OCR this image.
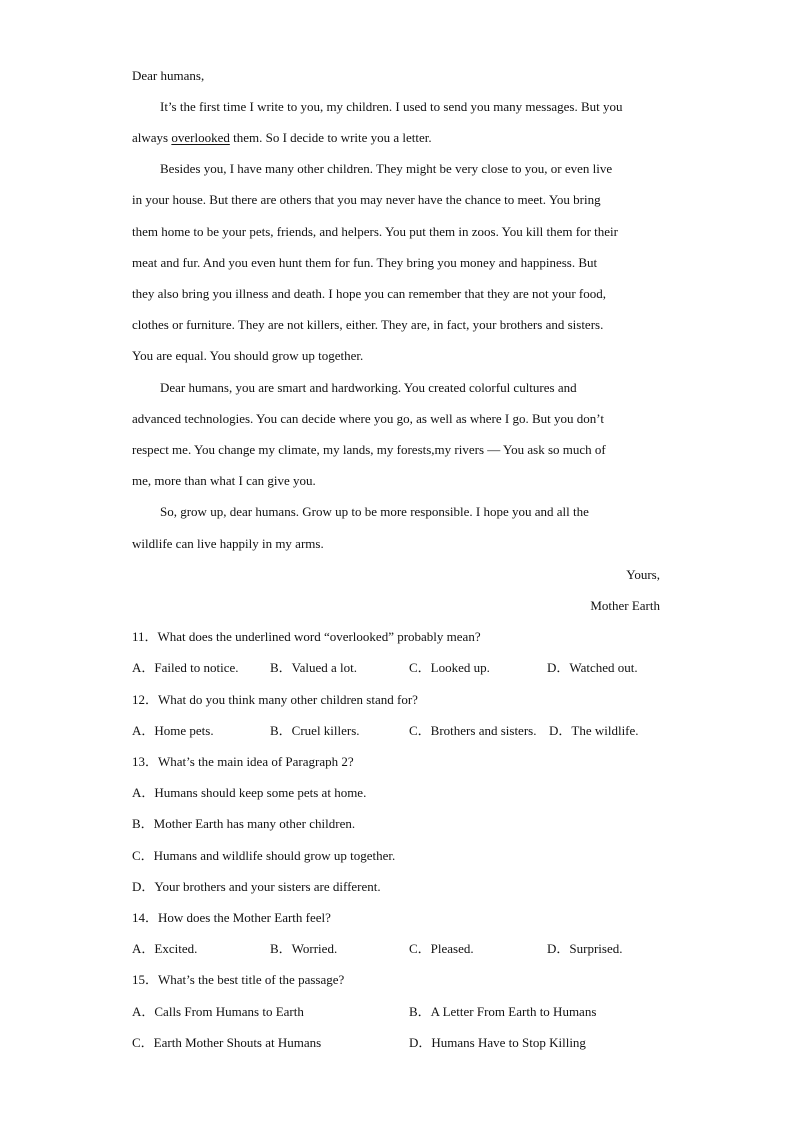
Dear humans,
It’s the first time I write to you, my children. I used to send you many messages. But you
always overlooked them. So I decide to write you a letter.
Besides you, I have many other children. They might be very close to you, or even live
in your house. But there are others that you may never have the chance to meet. You bring
them home to be your pets, friends, and helpers. You put them in zoos. You kill them for their
meat and fur. And you even hunt them for fun. They bring you money and happiness. But
they also bring you illness and death. I hope you can remember that they are not your food,
clothes or furniture. They are not killers, either. They are, in fact, your brothers and sisters.
You are equal. You should grow up together.
Dear humans, you are smart and hardworking. You created colorful cultures and
advanced technologies. You can decide where you go, as well as where I go. But you don’t
respect me. You change my climate, my lands, my forests,my rivers — You ask so much of
me, more than what I can give you.
So, grow up, dear humans. Grow up to be more responsible. I hope you and all the
wildlife can live happily in my arms.
Yours,
Mother Earth
11．What does the underlined word “overlooked” probably mean?
A．Failed to notice. B．Valued a lot.	C．Looked up.	D．Watched out.
12．What do you think many other children stand for?
A．Home pets.	B．Cruel killers.	C．Brothers and sisters. D．The wildlife.
13．What’s the main idea of Paragraph 2?
A．Humans should keep some pets at home.
B．Mother Earth has many other children.
C．Humans and wildlife should grow up together.
D．Your brothers and your sisters are different.
14．How does the Mother Earth feel?
A．Excited.	B．Worried.	C．Pleased.	D．Surprised.
15．What’s the best title of the passage?
A．Calls From Humans to Earth	B．A Letter From Earth to Humans
C．Earth Mother Shouts at Humans	D．Humans Have to Stop Killing
